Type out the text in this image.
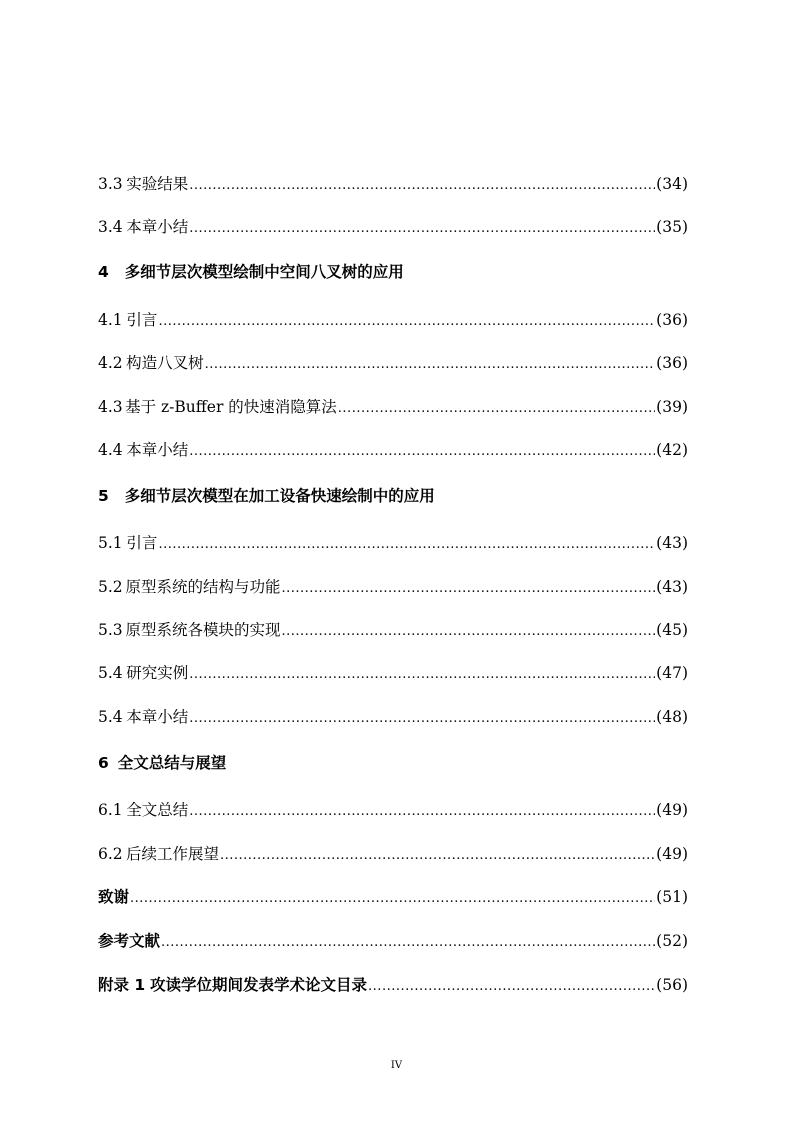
3.3 实验结果 .....	(34)
3.4 本章小结 .....	(35)
4 多细节层次模型绘制中空间八叉树的应用
4.1 引言 .....	(36)
4.2 构造八叉树 .....	(36)
4.3 基于 z-Buffer 的快速消隐算法 .....	(39)
4.4 本章小结 .....	(42)
5 多细节层次模型在加工设备快速绘制中的应用
5.1 引言 .....	(43)
5.2 原型系统的结构与功能 .....	(43)
5.3 原型系统各模块的实现 .....	(45)
5.4 研究实例 .....	(47)
5.4 本章小结 .....	(48)
6 全文总结与展望
6.1 全文总结 .....	(49)
6.2 后续工作展望 .....	(49)
致谢 .....	(51)
参考文献 .....	(52)
附录 1 攻读学位期间发表学术论文目录 .....	(56)
IV
